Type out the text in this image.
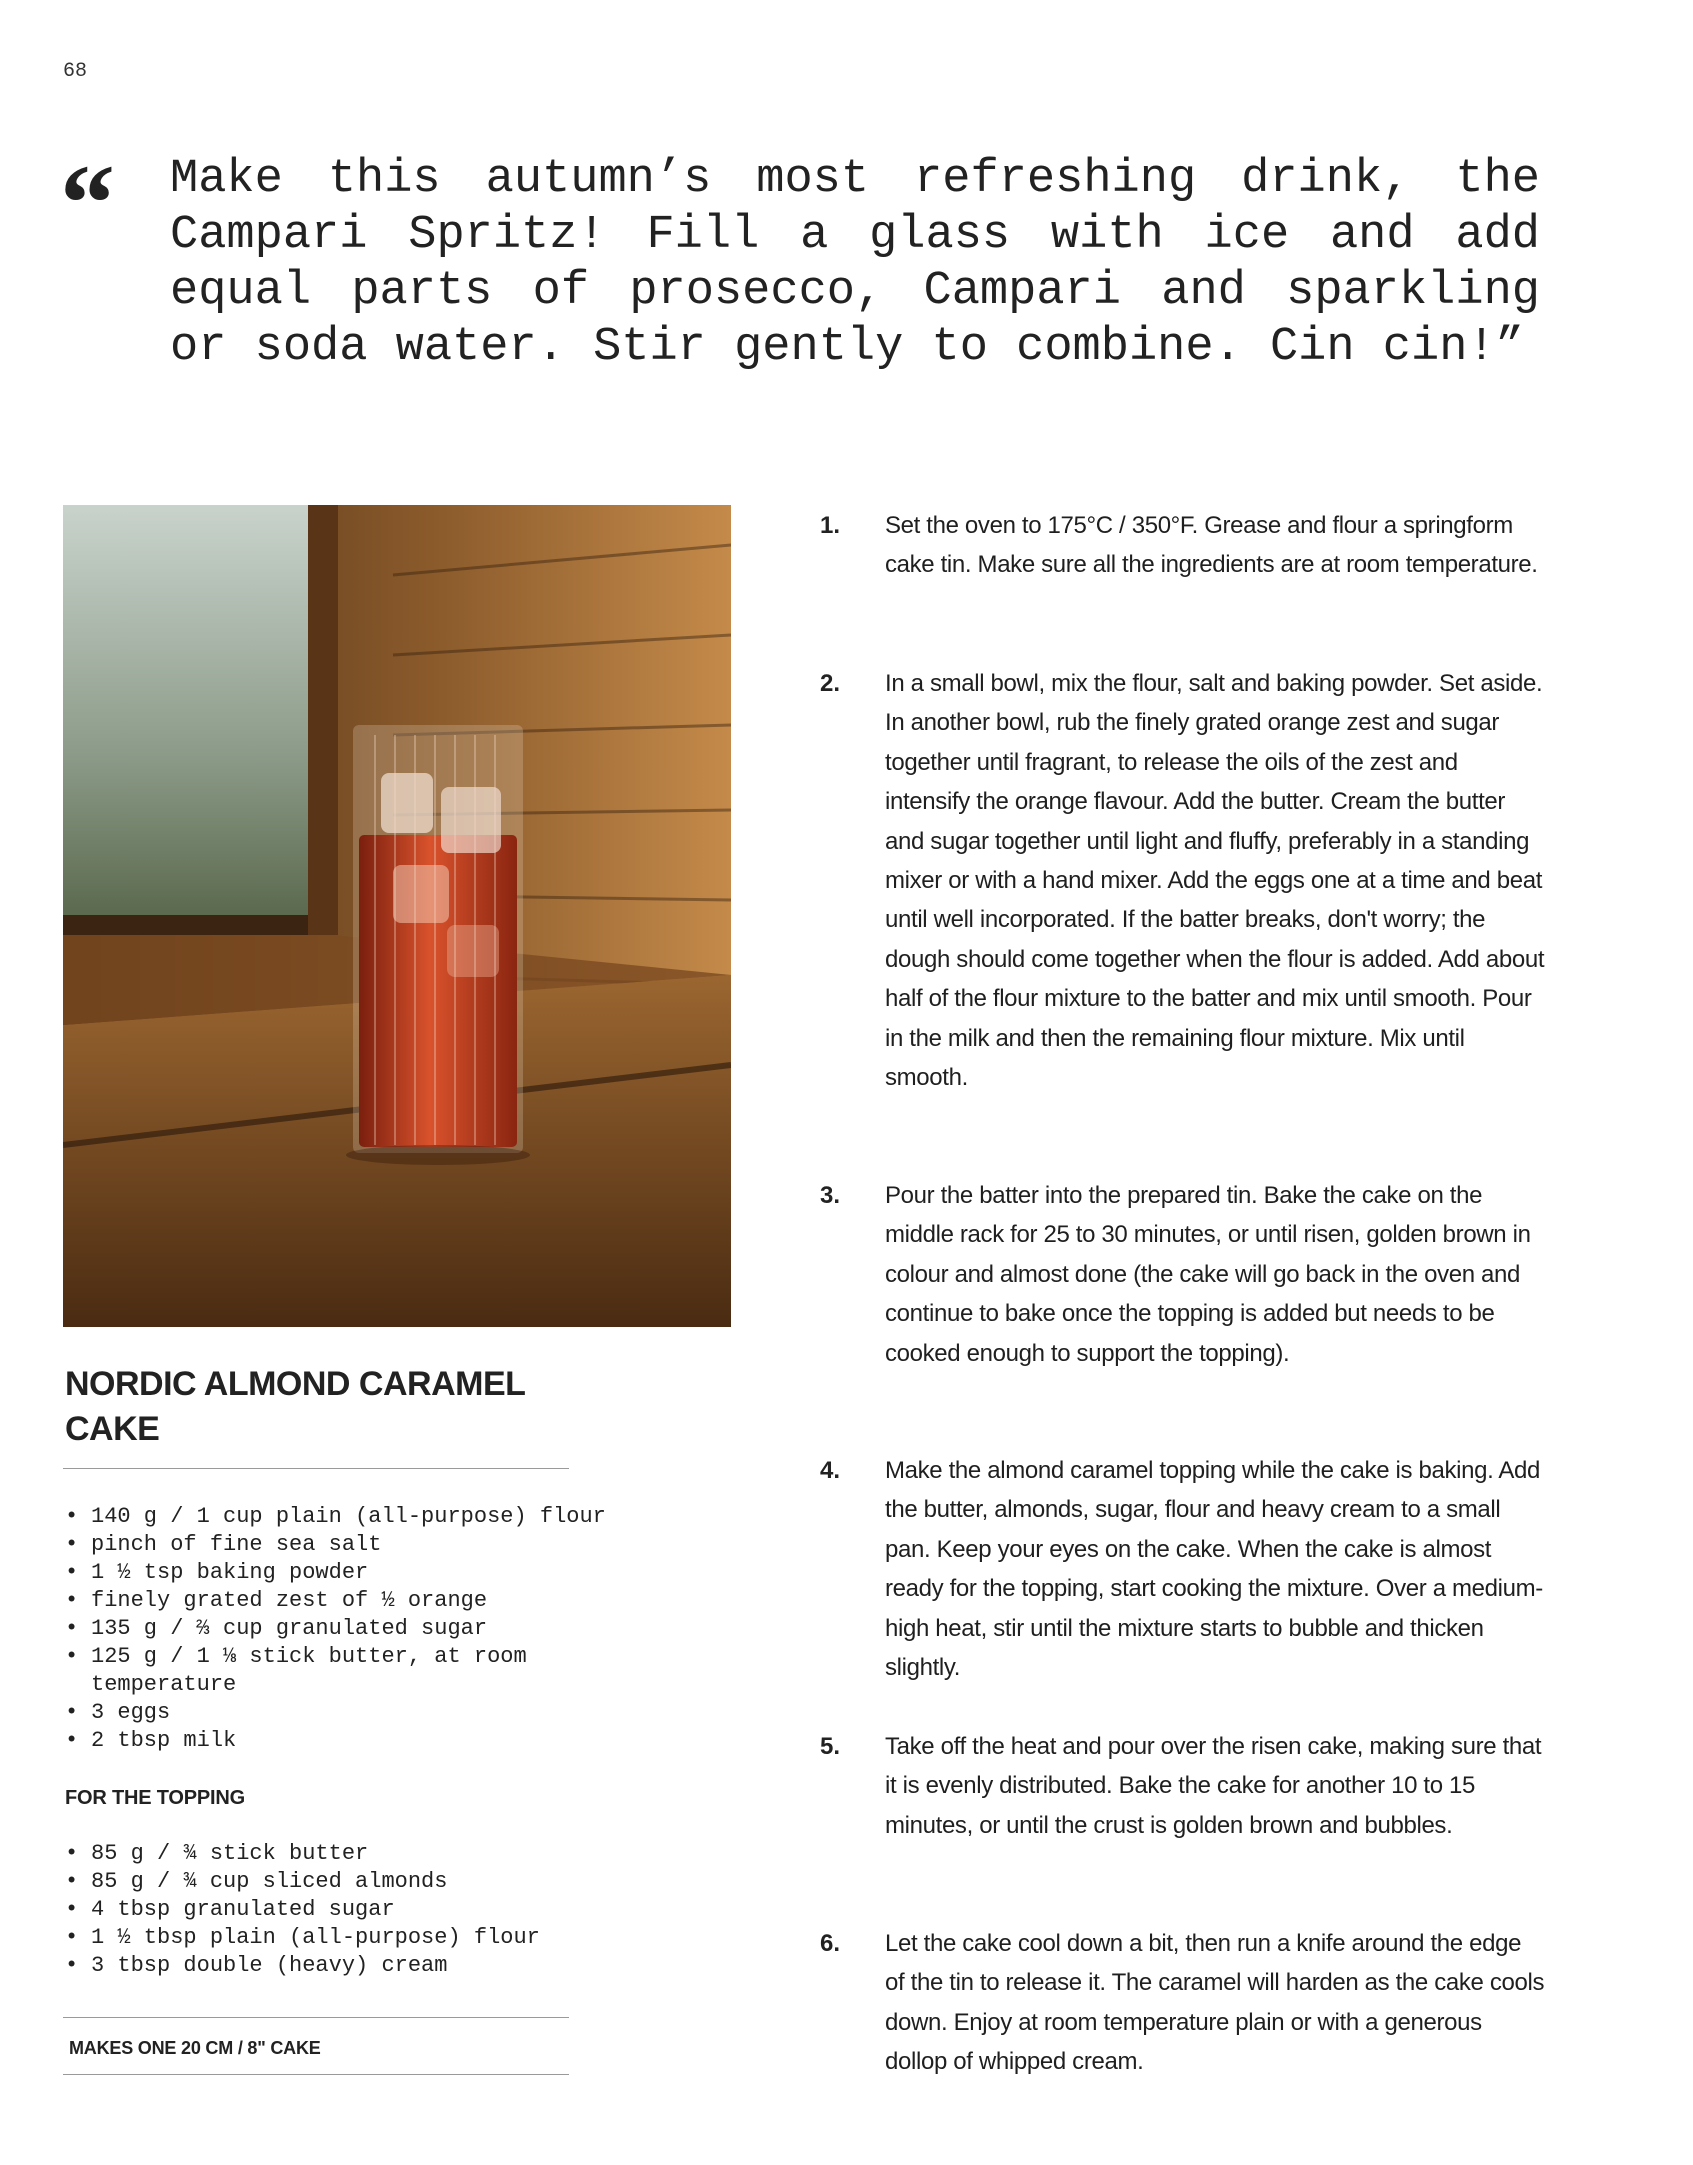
68
“ Make this autumn’s most refreshing drink, the Campari Spritz! Fill a glass with ice and add equal parts of prosecco, Campari and sparkling or soda water. Stir gently to combine. Cin cin!”

NORDIC ALMOND CARAMEL CAKE
• 140 g / 1 cup plain (all-purpose) flour
• pinch of fine sea salt
• 1 ½ tsp baking powder
• finely grated zest of ½ orange
• 135 g / ⅔ cup granulated sugar
• 125 g / 1 ⅛ stick butter, at room temperature
• 3 eggs
• 2 tbsp milk
FOR THE TOPPING
• 85 g / ¾ stick butter
• 85 g / ¾ cup sliced almonds
• 4 tbsp granulated sugar
• 1 ½ tbsp plain (all-purpose) flour
• 3 tbsp double (heavy) cream

MAKES ONE 20 CM / 8" CAKE

1. Set the oven to 175°C / 350°F. Grease and flour a springform cake tin. Make sure all the ingredients are at room temperature.

2. In a small bowl, mix the flour, salt and baking powder. Set aside. In another bowl, rub the finely grated orange zest and sugar together until fragrant, to release the oils of the zest and intensify the orange flavour. Add the butter. Cream the butter and sugar together until light and fluffy, preferably in a standing mixer or with a hand mixer. Add the eggs one at a time and beat until well incorporated. If the batter breaks, don't worry; the dough should come together when the flour is added. Add about half of the flour mixture to the batter and mix until smooth. Pour in the milk and then the remaining flour mixture. Mix until smooth.

3. Pour the batter into the prepared tin. Bake the cake on the middle rack for 25 to 30 minutes, or until risen, golden brown in colour and almost done (the cake will go back in the oven and continue to bake once the topping is added but needs to be cooked enough to support the topping).

4. Make the almond caramel topping while the cake is baking. Add the butter, almonds, sugar, flour and heavy cream to a small pan. Keep your eyes on the cake. When the cake is almost ready for the topping, start cooking the mixture. Over a medium-high heat, stir until the mixture starts to bubble and thicken slightly.

5. Take off the heat and pour over the risen cake, making sure that it is evenly distributed. Bake the cake for another 10 to 15 minutes, or until the crust is golden brown and bubbles.

6. Let the cake cool down a bit, then run a knife around the edge of the tin to release it. The caramel will harden as the cake cools down. Enjoy at room temperature plain or with a generous dollop of whipped cream.
